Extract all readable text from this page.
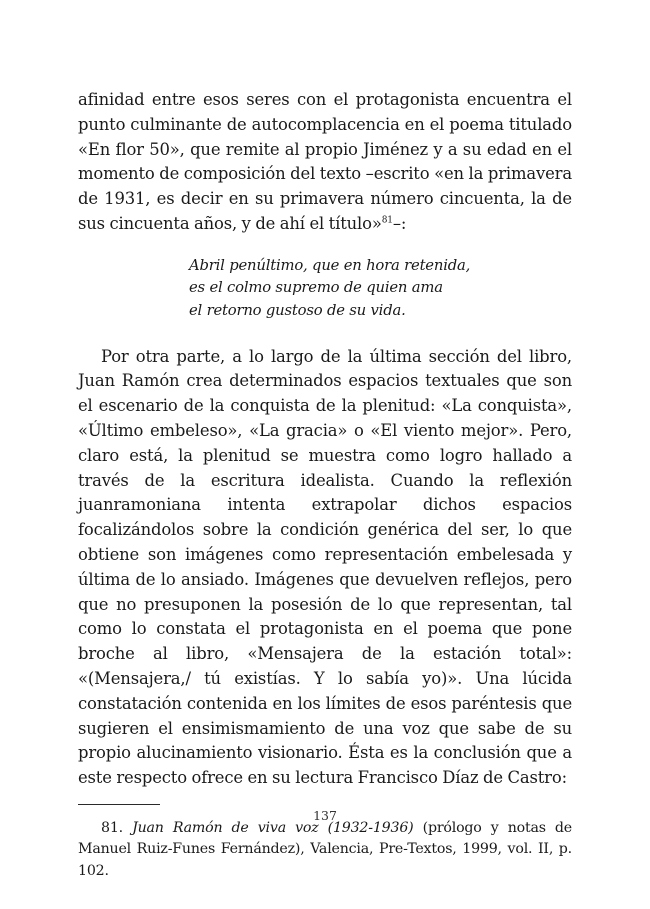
afinidad entre esos seres con el protagonista encuentra el punto culminante de autocomplacencia en el poema titulado «En flor 50», que remite al propio Jiménez y a su edad en el momento de composición del texto –escrito «en la primavera de 1931, es decir en su primavera número cincuenta, la de sus cincuenta años, y de ahí el título»$^{81}$–:

Abril penúltimo, que en hora retenida,
es el colmo supremo de quien ama
el retorno gustoso de su vida.

Por otra parte, a lo largo de la última sección del libro, Juan Ramón crea determinados espacios textuales que son el escenario de la conquista de la plenitud: «La conquista», «Último embeleso», «La gracia» o «El viento mejor». Pero, claro está, la plenitud se muestra como logro hallado a través de la escritura idealista. Cuando la reflexión juanramoniana intenta extrapolar dichos espacios focalizándolos sobre la condición genérica del ser, lo que obtiene son imágenes como representación embelesada y última de lo ansiado. Imágenes que devuelven reflejos, pero que no presuponen la posesión de lo que representan, tal como lo constata el protagonista en el poema que pone broche al libro, «Mensajera de la estación total»: «(Mensajera,/ tú existías. Y lo sabía yo)». Una lúcida constatación contenida en los límites de esos paréntesis que sugieren el ensimismamiento de una voz que sabe de su propio alucinamiento visionario. Ésta es la conclusión que a este respecto ofrece en su lectura Francisco Díaz de Castro:

81. Juan Ramón de viva voz (1932-1936) (prólogo y notas de Manuel Ruiz-Funes Fernández), Valencia, Pre-Textos, 1999, vol. II, p. 102.

137
